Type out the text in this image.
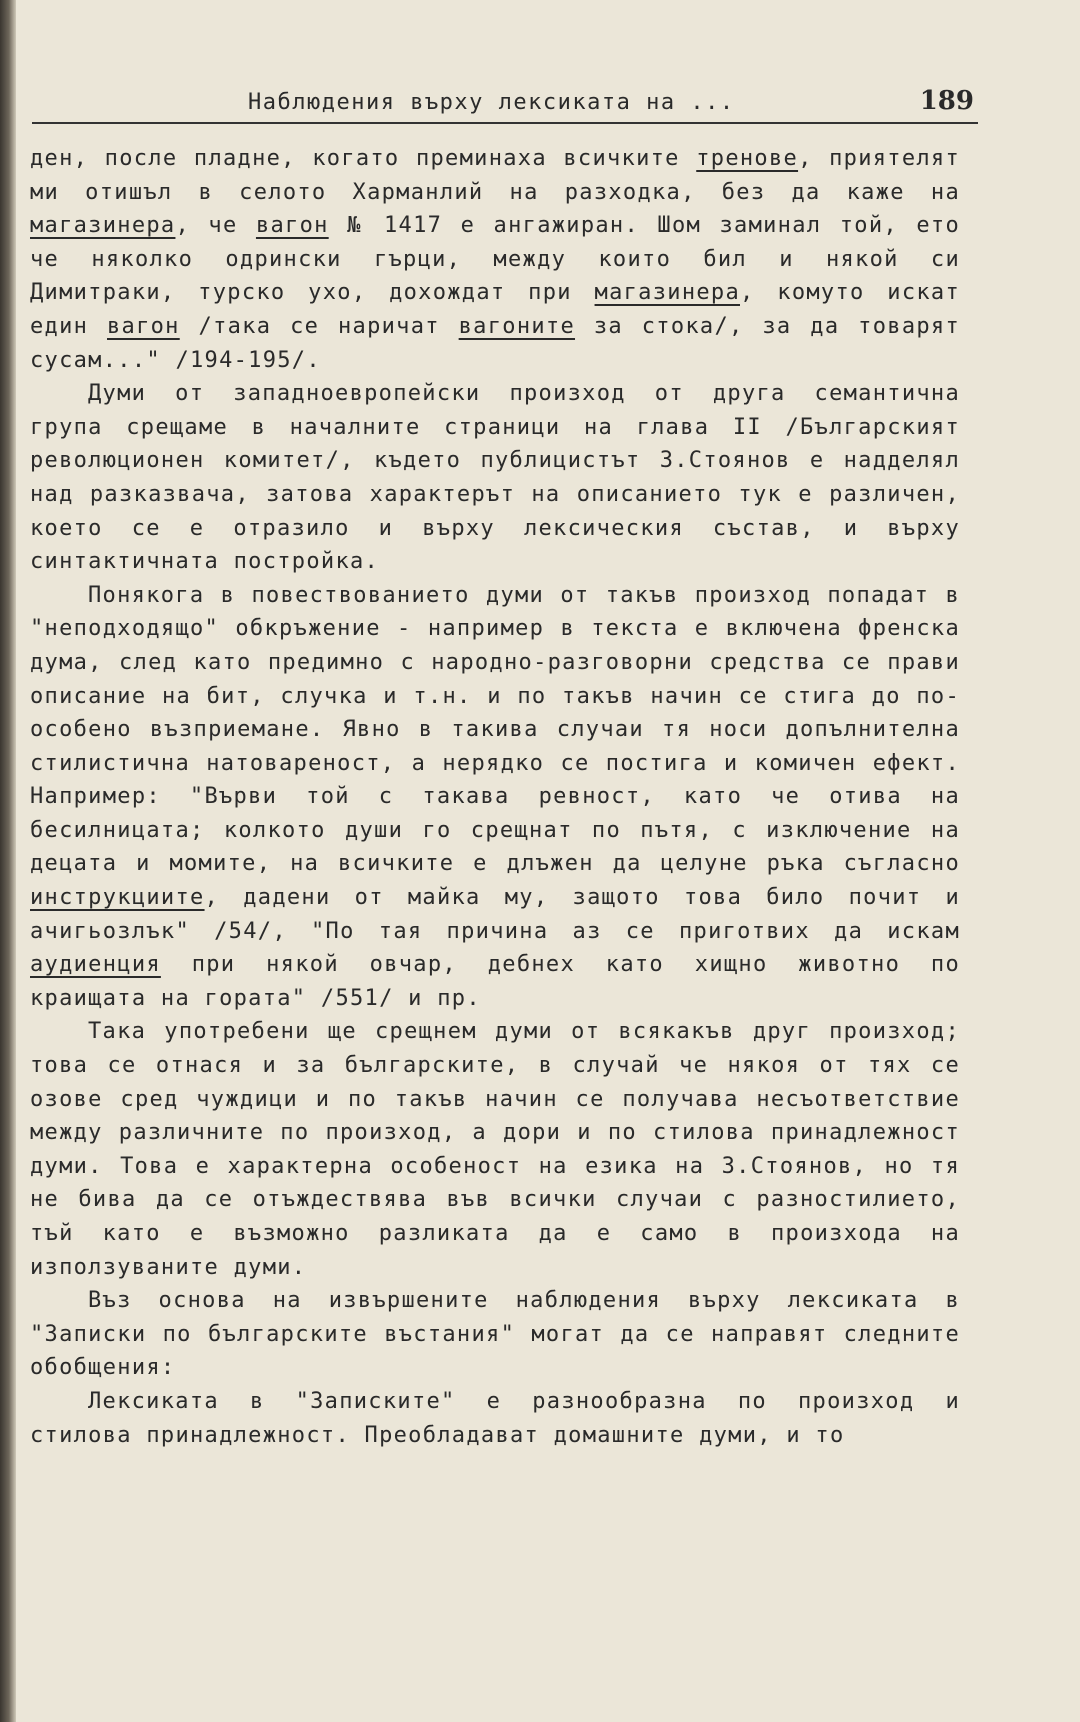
Наблюдения върху лексиката на ...	189

ден, после пладне, когато преминаха всичките тренове, приятелят ми отишъл в селото Харманлий на разходка, без да каже на магазинера, че вагон № 1417 е ангажиран. Шом заминал той, ето че няколко одрински гърци, между които бил и някой си Димитраки, турско ухо, дохождат при магазинера, комуто искат един вагон /така се наричат вагоните за стока/, за да товарят сусам..." /194-195/.

Думи от западноевропейски произход от друга семантична група срещаме в началните страници на глава II /Българският революционен комитет/, където публицистът З.Стоянов е надделял над разказвача, затова характерът на описанието тук е различен, което се е отразило и върху лексическия състав, и върху синтактичната постройка.

Понякога в повествованието думи от такъв произход попадат в "неподходящо" обкръжение - например в текста е включена френска дума, след като предимно с народно-разговорни средства се прави описание на бит, случка и т.н. и по такъв начин се стига до по-особено възприемане. Явно в такива случаи тя носи допълнителна стилистична натовареност, а нерядко се постига и комичен ефект. Например: "Върви той с такава ревност, като че отива на бесилницата; колкото души го срещнат по пътя, с изключение на децата и момите, на всичките е длъжен да целуне ръка съгласно инструкциите, дадени от майка му, защото това било почит и ачигьозлък" /54/, "По тая причина аз се приготвих да искам аудиенция при някой овчар, дебнех като хищно животно по краищата на гората" /551/ и пр.

Така употребени ще срещнем думи от всякакъв друг произход; това се отнася и за българските, в случай че някоя от тях се озове сред чуждици и по такъв начин се получава несъответствие между различните по произход, а дори и по стилова принадлежност думи. Това е характерна особеност на езика на З.Стоянов, но тя не бива да се отъждествява във всички случаи с разностилието, тъй като е възможно разликата да е само в произхода на използуваните думи.

Въз основа на извършените наблюдения върху лексиката в "Записки по българските въстания" могат да се направят следните обобщения:

Лексиката в "Записките" е разнообразна по произход и стилова принадлежност. Преобладават домашните думи, и то
